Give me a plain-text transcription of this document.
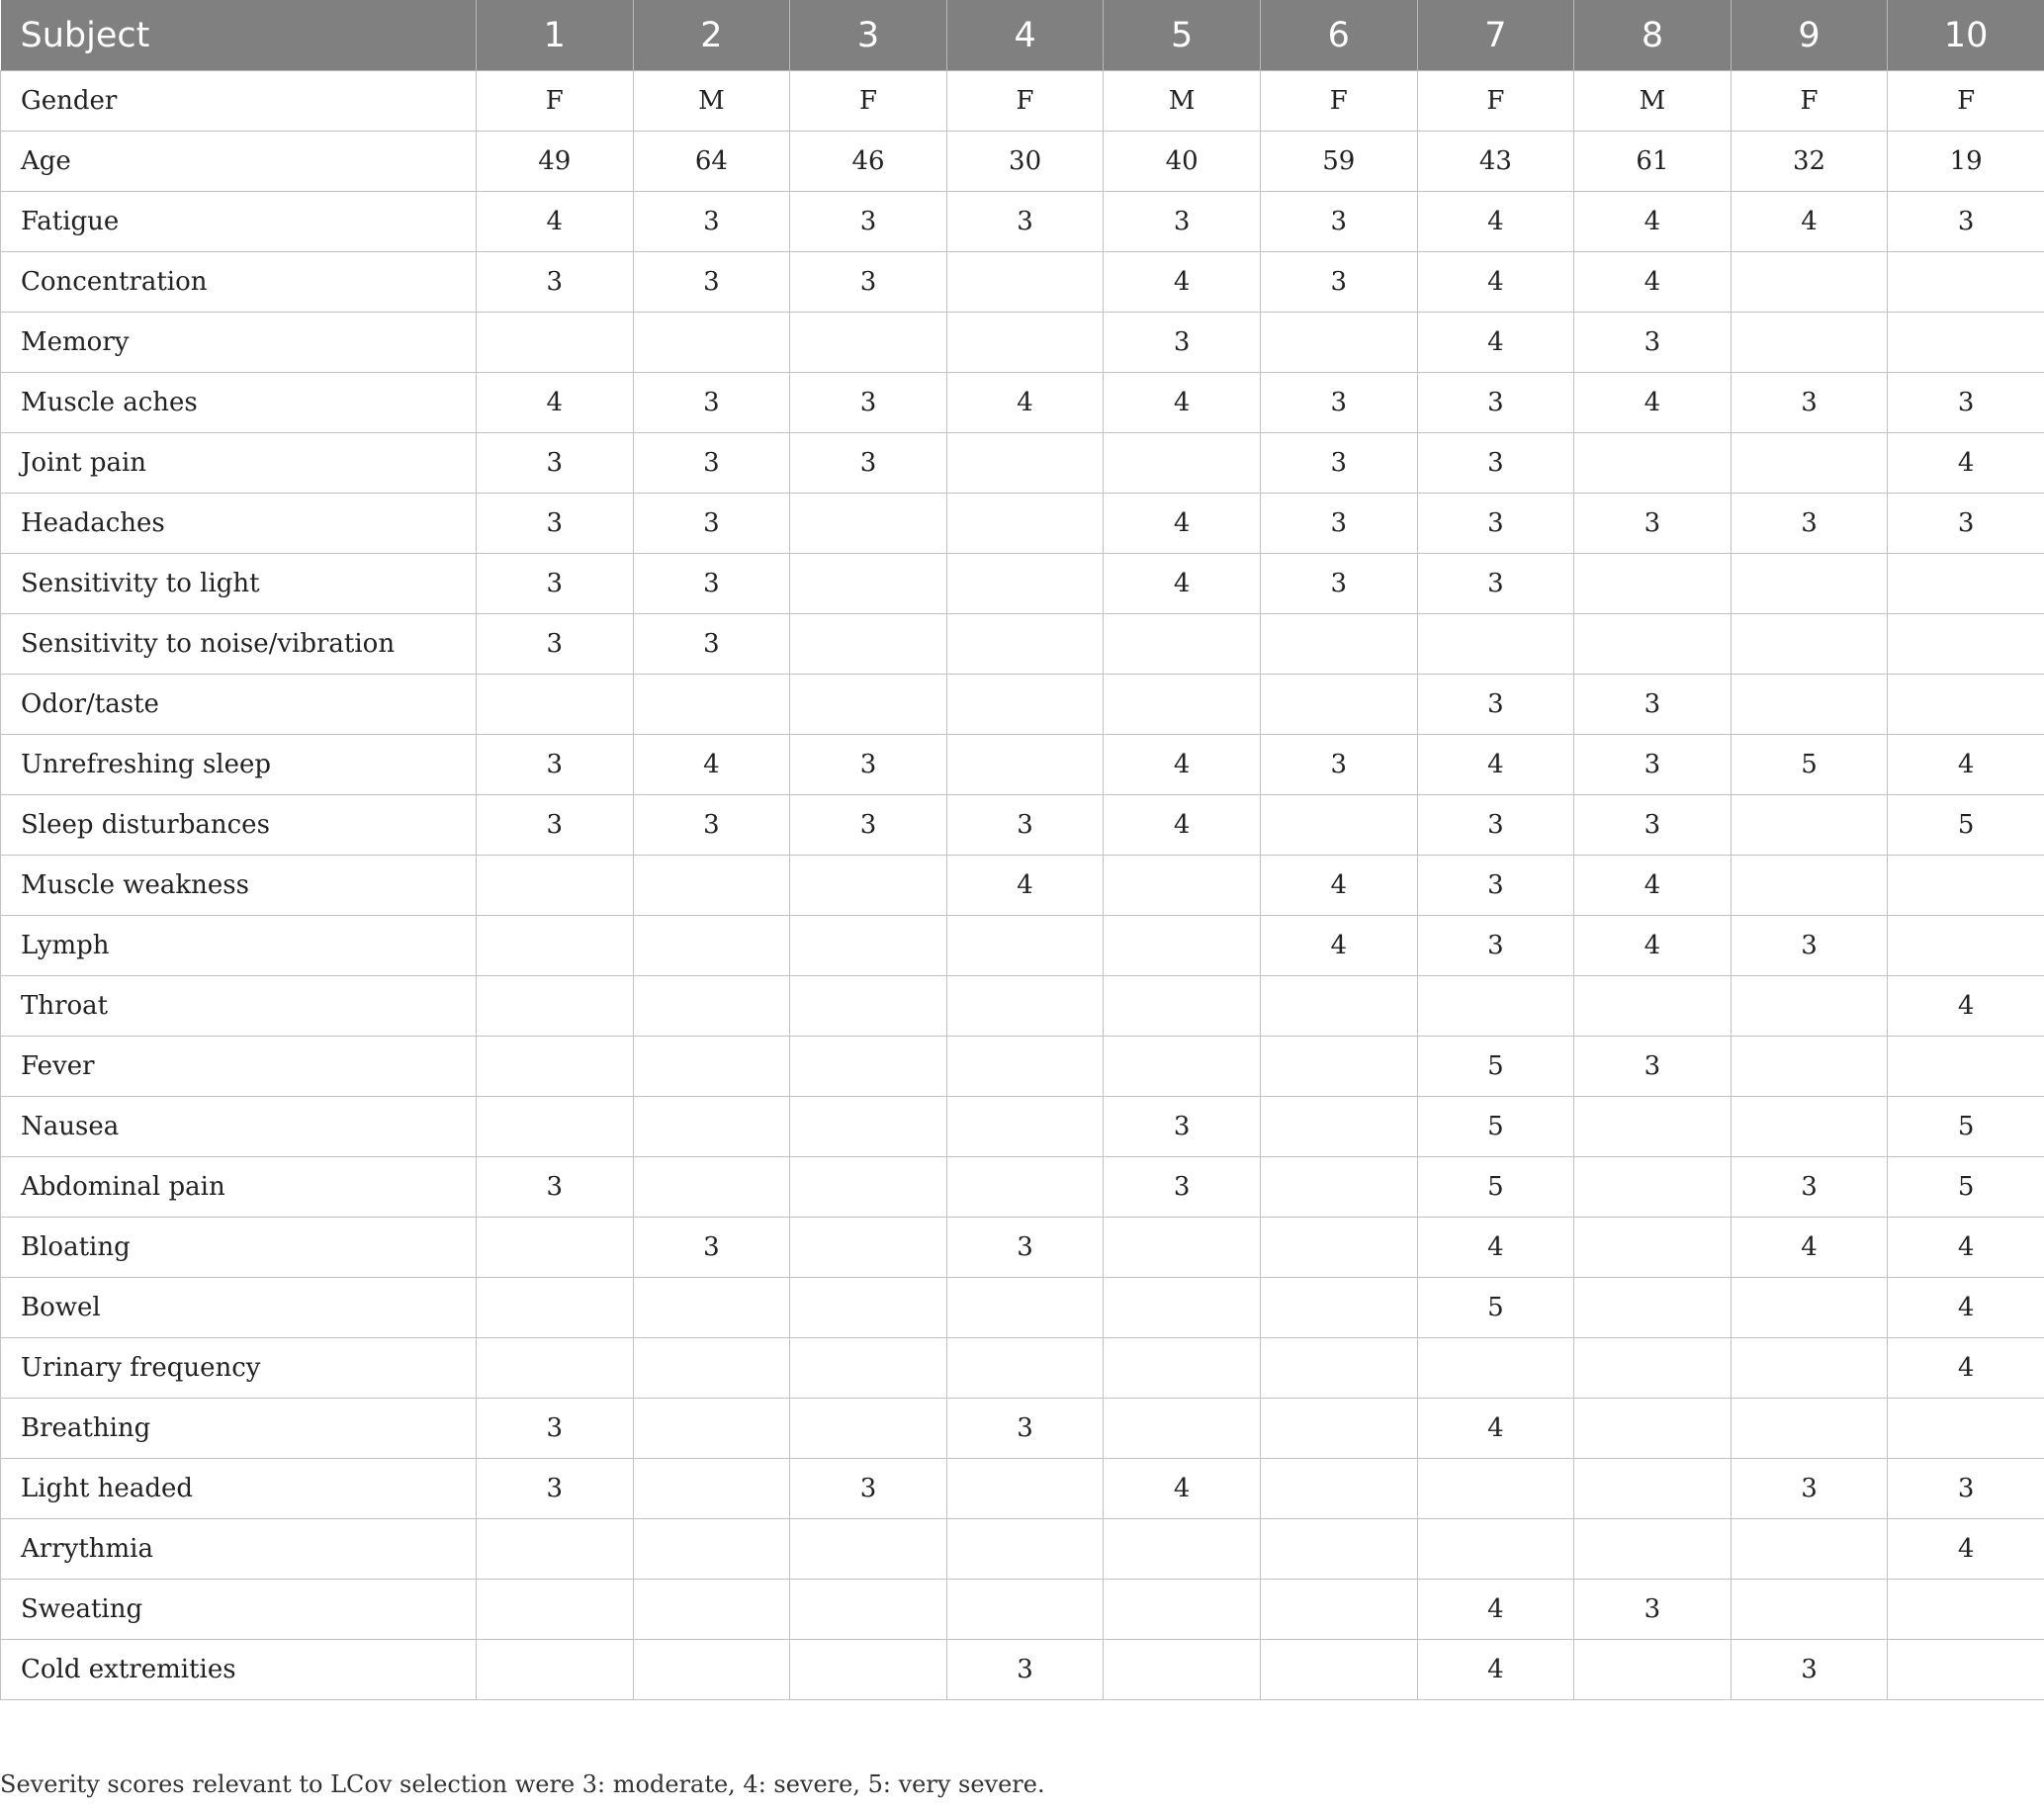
Subject	1	2	3	4	5	6	7	8	9	10
Gender	F	M	F	F	M	F	F	M	F	F
Age	49	64	46	30	40	59	43	61	32	19
Fatigue	4	3	3	3	3	3	4	4	4	3
Concentration	3	3	3		4	3	4	4		
Memory					3		4	3		
Muscle aches	4	3	3	4	4	3	3	4	3	3
Joint pain	3	3	3			3	3			4
Headaches	3	3			4	3	3	3	3	3
Sensitivity to light	3	3			4	3	3			
Sensitivity to noise/vibration	3	3								
Odor/taste							3	3		
Unrefreshing sleep	3	4	3		4	3	4	3	5	4
Sleep disturbances	3	3	3	3	4		3	3		5
Muscle weakness				4		4	3	4		
Lymph						4	3	4	3	
Throat										4
Fever							5	3		
Nausea					3		5			5
Abdominal pain	3				3		5		3	5
Bloating		3		3			4		4	4
Bowel							5			4
Urinary frequency										4
Breathing	3			3			4			
Light headed	3		3		4				3	3
Arrythmia										4
Sweating							4	3		
Cold extremities				3			4		3	
Severity scores relevant to LCov selection were 3: moderate, 4: severe, 5: very severe.
